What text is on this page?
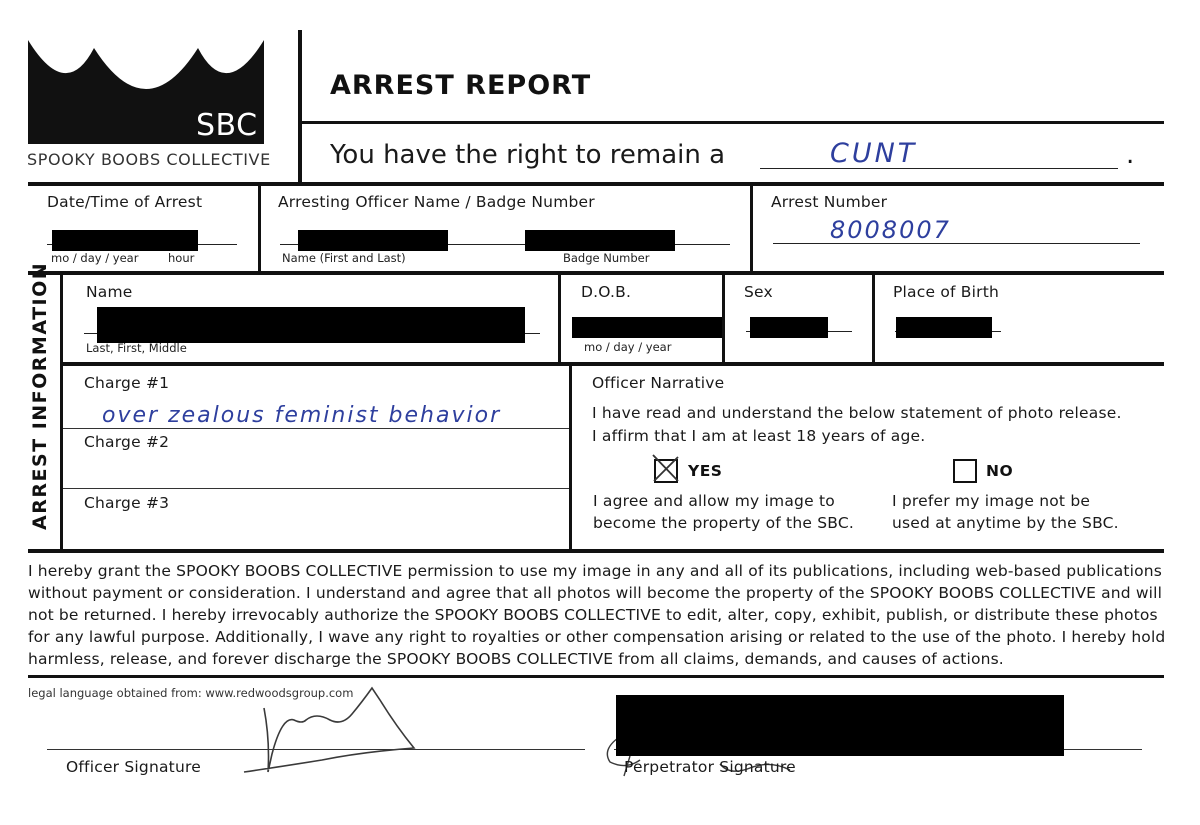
SBC
SPOOKY BOOBS COLLECTIVE
ARREST REPORT
You have the right to remain a	CUNT	.
Date/Time of Arrest
mo / day / year	hour
Arresting Officer Name / Badge Number
Name (First and Last)	Badge Number
Arrest Number
8008007
ARREST INFORMATION Name
Last, First, Middle
D.O.B.
mo / day / year
Sex	Place of Birth
Charge #1
over zealous feminist behavior
Charge #2
Charge #3
Officer Narrative
I have read and understand the below statement of photo release.
I affirm that I am at least 18 years of age.
YES	NO
I agree and allow my image to
become the property of the SBC.
I prefer my image not be
used at anytime by the SBC.
I hereby grant the SPOOKY BOOBS COLLECTIVE permission to use my image in any and all of its publications, including web-based publications without payment or consideration. I understand and agree that all photos will become the property of the SPOOKY BOOBS COLLECTIVE and will not be returned. I hereby irrevocably authorize the SPOOKY BOOBS COLLECTIVE to edit, alter, copy, exhibit, publish, or distribute these photos for any lawful purpose. Additionally, I wave any right to royalties or other compensation arising or related to the use of the photo. I hereby hold harmless, release, and forever discharge the SPOOKY BOOBS COLLECTIVE from all claims, demands, and causes of actions.
legal language obtained from: www.redwoodsgroup.com
Officer Signature	Perpetrator Signature
